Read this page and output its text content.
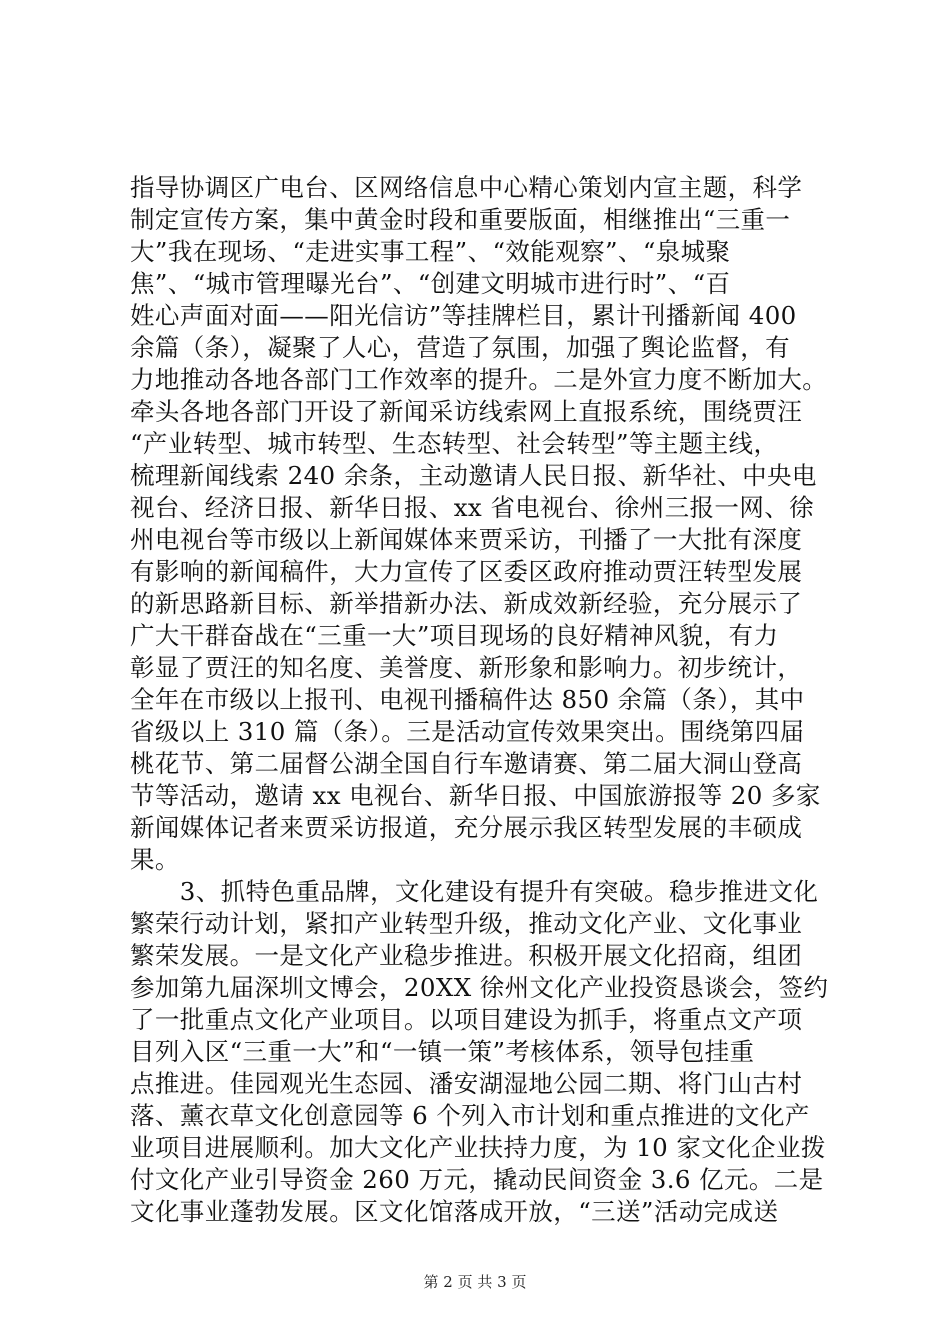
指导协调区广电台、区网络信息中心精心策划内宣主题，科学
制定宣传方案，集中黄金时段和重要版面，相继推出“三重一
大”我在现场、“走进实事工程”、“效能观察”、“泉城聚
焦”、“城市管理曝光台”、“创建文明城市进行时”、“百
姓心声面对面——阳光信访”等挂牌栏目，累计刊播新闻 400
余篇（条），凝聚了人心，营造了氛围，加强了舆论监督，有
力地推动各地各部门工作效率的提升。二是外宣力度不断加大。
牵头各地各部门开设了新闻采访线索网上直报系统，围绕贾汪
“产业转型、城市转型、生态转型、社会转型”等主题主线，
梳理新闻线索 240 余条，主动邀请人民日报、新华社、中央电
视台、经济日报、新华日报、xx 省电视台、徐州三报一网、徐
州电视台等市级以上新闻媒体来贾采访，刊播了一大批有深度
有影响的新闻稿件，大力宣传了区委区政府推动贾汪转型发展
的新思路新目标、新举措新办法、新成效新经验，充分展示了
广大干群奋战在“三重一大”项目现场的良好精神风貌，有力
彰显了贾汪的知名度、美誉度、新形象和影响力。初步统计，
全年在市级以上报刊、电视刊播稿件达 850 余篇（条），其中
省级以上 310 篇（条）。三是活动宣传效果突出。围绕第四届
桃花节、第二届督公湖全国自行车邀请赛、第二届大洞山登高
节等活动，邀请 xx 电视台、新华日报、中国旅游报等 20 多家
新闻媒体记者来贾采访报道，充分展示我区转型发展的丰硕成
果。
　　3、抓特色重品牌，文化建设有提升有突破。稳步推进文化
繁荣行动计划，紧扣产业转型升级，推动文化产业、文化事业
繁荣发展。一是文化产业稳步推进。积极开展文化招商，组团
参加第九届深圳文博会，20XX 徐州文化产业投资恳谈会，签约
了一批重点文化产业项目。以项目建设为抓手，将重点文产项
目列入区“三重一大”和“一镇一策”考核体系，领导包挂重
点推进。佳园观光生态园、潘安湖湿地公园二期、将门山古村
落、薰衣草文化创意园等 6 个列入市计划和重点推进的文化产
业项目进展顺利。加大文化产业扶持力度，为 10 家文化企业拨
付文化产业引导资金 260 万元，撬动民间资金 3.6 亿元。二是
文化事业蓬勃发展。区文化馆落成开放，“三送”活动完成送
第 2 页 共 3 页
